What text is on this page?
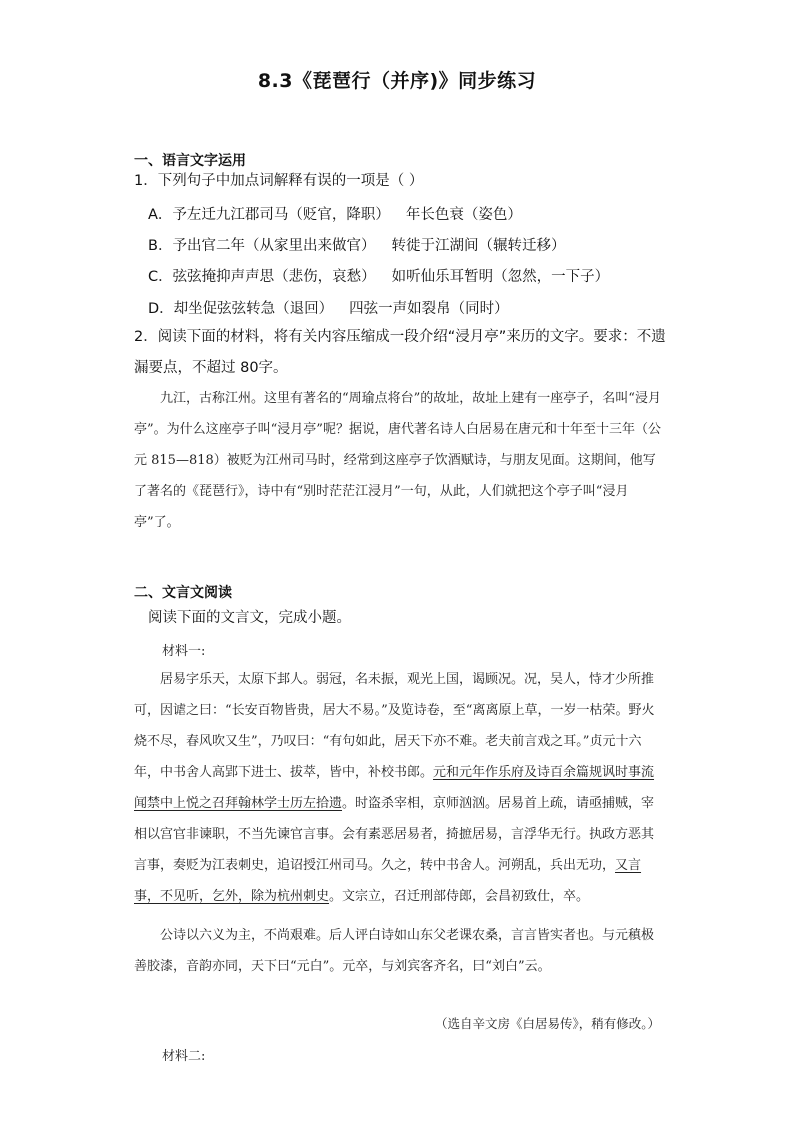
8.3《琵琶行（并序)》同步练习
一、语言文字运用
1．下列句子中加点词解释有误的一项是（ ）
A．予左迁九江郡司马（贬官，降职） 年长色衰（姿色）
B．予出官二年（从家里出来做官） 转徙于江湖间（辗转迁移）
C．弦弦掩抑声声思（悲伤，哀愁） 如听仙乐耳暂明（忽然，一下子）
D．却坐促弦弦转急（退回） 四弦一声如裂帛（同时）
2．阅读下面的材料，将有关内容压缩成一段介绍“浸月亭”来历的文字。要求：不遗漏要点，不超过 80字。

九江，古称江州。这里有著名的“周瑜点将台”的故址，故址上建有一座亭子，名叫“浸月亭”。为什么这座亭子叫“浸月亭”呢？据说，唐代著名诗人白居易在唐元和十年至十三年（公元 815—818）被贬为江州司马时，经常到这座亭子饮酒赋诗，与朋友见面。这期间，他写了著名的《琵琶行》，诗中有“别时茫茫江浸月”一句，从此，人们就把这个亭子叫“浸月亭”了。

二、文言文阅读
阅读下面的文言文，完成小题。
材料一:

居易字乐天，太原下邽人。弱冠，名未振，观光上国，谒顾况。况，吴人，恃才少所推可，因谑之曰：“长安百物皆贵，居大不易。”及览诗卷，至“离离原上草，一岁一枯荣。野火烧不尽，春风吹又生”，乃叹曰：“有句如此，居天下亦不难。老夫前言戏之耳。”贞元十六年，中书舍人高郢下进士、拔萃，皆中，补校书郎。元和元年作乐府及诗百余篇规讽时事流闻禁中上悦之召拜翰林学士历左拾遗。时盗杀宰相，京师汹汹。居易首上疏，请亟捕贼，宰相以宫官非谏职，不当先谏官言事。会有素恶居易者，掎摭居易，言浮华无行。执政方恶其言事，奏贬为江表刺史，追诏授江州司马。久之，转中书舍人。河朔乱，兵出无功，又言事，不见听，乞外，除为杭州刺史。文宗立，召迁刑部侍郎，会昌初致仕，卒。

公诗以六义为主，不尚艰难。后人评白诗如山东父老课农桑，言言皆实者也。与元稹极善胶漆，音韵亦同，天下曰“元白”。元卒，与刘宾客齐名，曰“刘白”云。

（选自辛文房《白居易传》，稍有修改。）
材料二:
